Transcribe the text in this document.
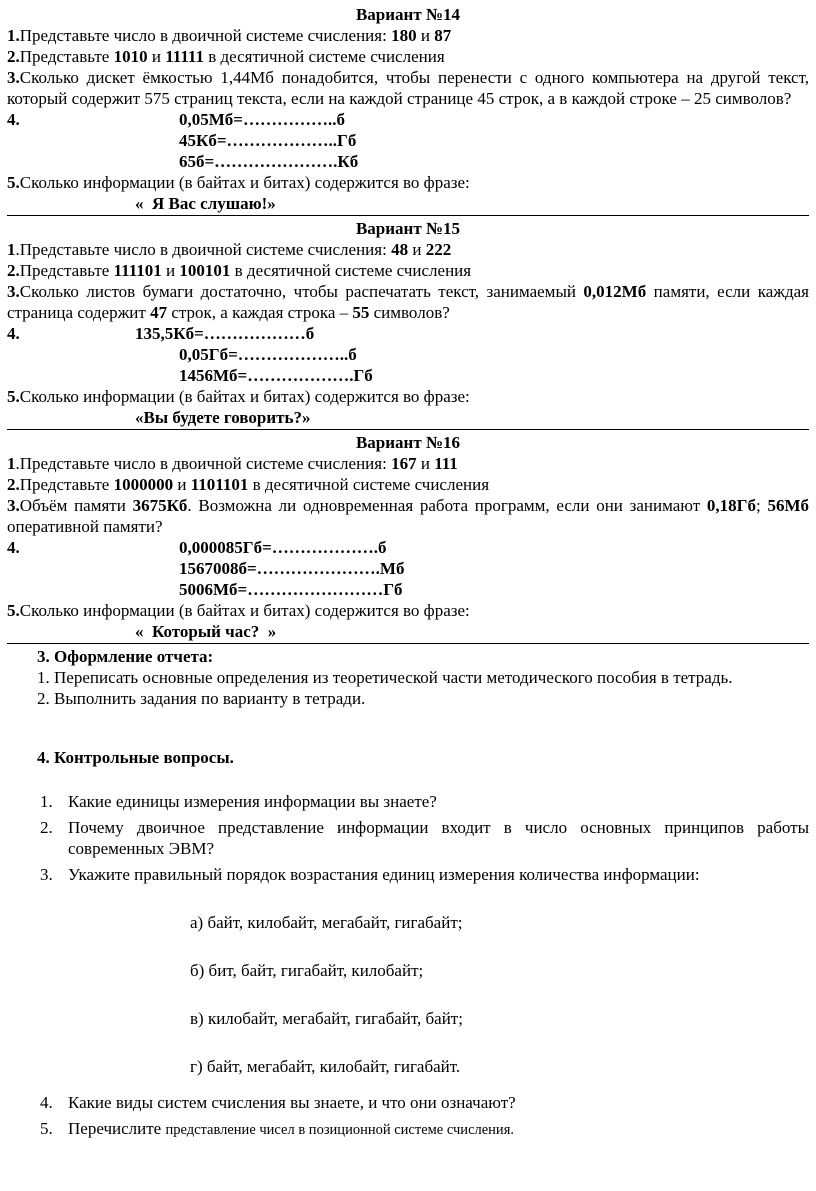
Вариант №14

1.Представьте число в двоичной системе счисления: 180 и 87

2.Представьте 1010 и 11111 в десятичной системе счисления

3.Сколько дискет ёмкостью 1,44Мб понадобится, чтобы перенести с одного компьютера на другой текст, который содержит 575 страниц текста, если на каждой странице 45 строк, а в каждой строке – 25 символов?

4.	0,05Мб=……………..б

45Кб=………………..Гб

65б=………………….Кб

5.Сколько информации (в байтах и битах) содержится во фразе:

«  Я Вас слушаю!»

Вариант №15

1.Представьте число в двоичной системе счисления: 48 и 222

2.Представьте 111101 и 100101 в десятичной системе счисления

3.Сколько листов бумаги достаточно, чтобы распечатать текст, занимаемый 0,012Мб памяти, если каждая страница содержит 47 строк, а каждая строка – 55 символов?

4.	135,5Кб=………………б

0,05Гб=………………..б

1456Мб=……………….Гб

5.Сколько информации (в байтах и битах) содержится во фразе:

«Вы будете говорить?»

Вариант №16

1.Представьте число в двоичной системе счисления: 167 и 111

2.Представьте 1000000 и 1101101 в десятичной системе счисления

3.Объём памяти 3675Кб. Возможна ли одновременная работа программ, если они занимают 0,18Гб; 56Мб оперативной памяти?

4.	0,000085Гб=……………….б

1567008б=………………….Мб

5006Мб=……………………Гб

5.Сколько информации (в байтах и битах) содержится во фразе:

«  Который час?  »

3. Оформление отчета:

1. Переписать основные определения из теоретической части методического пособия в тетрадь.

2. Выполнить задания по варианту в тетради.

4. Контрольные вопросы.

1. Какие единицы измерения информации вы знаете?
2. Почему двоичное представление информации входит в число основных принципов работы современных ЭВМ?
3. Укажите правильный порядок возрастания единиц измерения количества информации:

а) байт, килобайт, мегабайт, гигабайт;

б) бит, байт, гигабайт, килобайт;

в) килобайт, мегабайт, гигабайт, байт;

г) байт, мегабайт, килобайт, гигабайт.

4. Какие виды систем счисления вы знаете, и что они означают?
5. Перечислите представление чисел в позиционной системе счисления.
